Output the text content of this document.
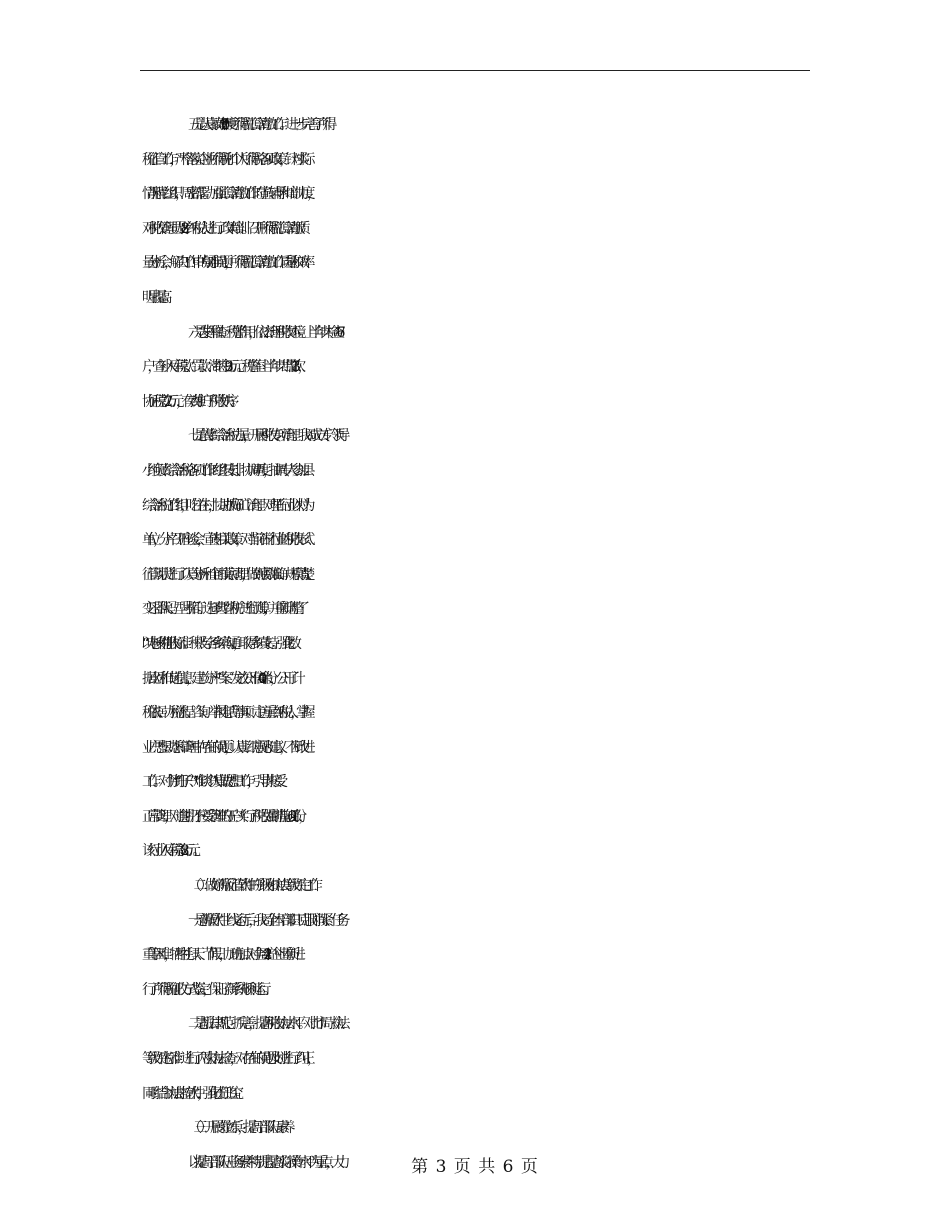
五是认真搞好20**年度所得税汇算清缴工作。进一步完善了所得
税征管工作，严格落实企业所得税和个人所得税各项政策，针对实际
情况精心组织，周密部署。加强汇算清缴工作的宣传辅导和培训力度，
对税收管理员及82户纳税人进行了政策培训。召开所得税汇算清缴质
量分析会，解决工作中的疑难问题，所得税汇算清缴工作质量和效率
明显提高。
六是发挥稽查、税警作用，依法治理税收环境。上半年共检查67
户，查补入库税款、罚款、滞纳金93万元。税警室上半年共出警13次，
协征税款27万元，有效维护了税收秩序。
七是依靠综合治税力量，开展税收专项治理。我局成立专门领导
小组负责综合治税各项工作的组织安排、协调调度，抽调专人参加县
综合治税工作组，吃住在村，协助抓好矿山治理。对理石行业以村为
单位，分片召开座谈会，宣传相关政策，对当前石材行业的税收形式、
征管现状进行了认真分析和全面摸底清理，做到底数准确、规模清楚、
变压器代码、型号相符。选择典型纳税户进行测算，并重新调整了
“以电核税”征收标准。积极与各乡镇沟通，取得乡镇支持。强化数
据比对和传递信息，建立分户档案。发放公开信400余份，公开了计
税依据、办税流程、咨询、举报电话等事项。走访重点纳税人，掌握
业户思想动态和管理中存在的问题，认真归纳意见和建议，不断改进
工作。对个别“钉子户”、“难谈户”认真做思想工作，引导其接受
正常管理，对逾期扔不接受管理的五户实行了税收强制措施。1-6月份，
该行业入库税款82万元。
（二）做好新版征管软件的升级和执法等级评定工作
一是新版软件上线运行后，我局全体干部职工克服时间紧、任务
重等困难，牺牲礼拜天、节假日，加班加点对全局422户企业重新进
行了所得税征收方式鉴定，保证了新系统顺利运行。
二是抓法律规范、抓完善，提高税收执法水平。对比市局《执法
等级评定标准》进行了两次执法检查，对存在的问题及时进行了纠正，
同时结合执法监控软件，强化责任追究。
（三）开展岗位练兵，提高干部队伍素养
以提高干部队伍业务素养特别是提高实际操作水平为重点，大力	第 3 页 共 6 页
